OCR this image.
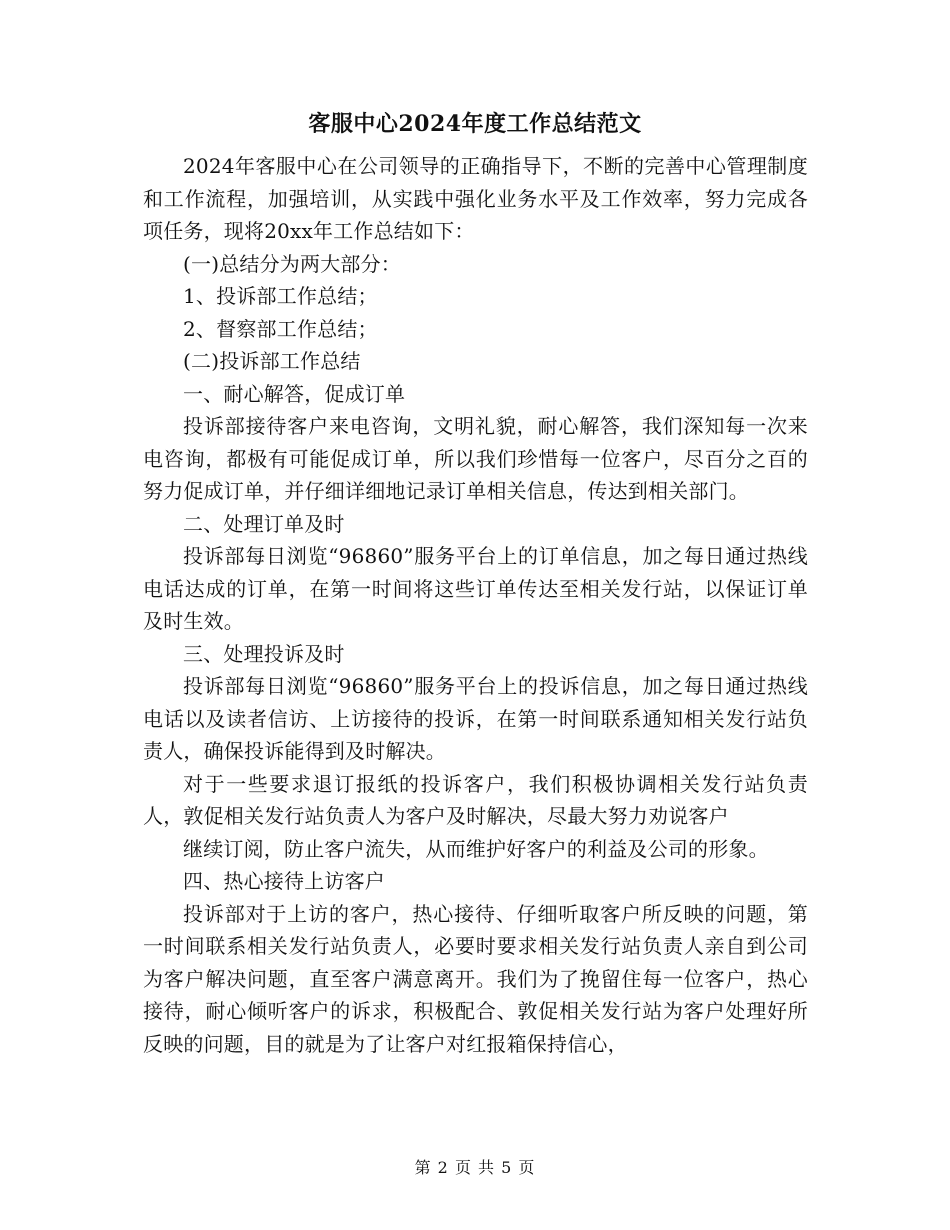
客服中心2024年度工作总结范文

2024年客服中心在公司领导的正确指导下，不断的完善中心管理制度和工作流程，加强培训，从实践中强化业务水平及工作效率，努力完成各项任务，现将20xx年工作总结如下：

(一)总结分为两大部分：

1、投诉部工作总结；

2、督察部工作总结；

(二)投诉部工作总结

一、耐心解答，促成订单

投诉部接待客户来电咨询，文明礼貌，耐心解答，我们深知每一次来电咨询，都极有可能促成订单，所以我们珍惜每一位客户，尽百分之百的努力促成订单，并仔细详细地记录订单相关信息，传达到相关部门。

二、处理订单及时

投诉部每日浏览“96860”服务平台上的订单信息，加之每日通过热线电话达成的订单，在第一时间将这些订单传达至相关发行站，以保证订单及时生效。

三、处理投诉及时

投诉部每日浏览“96860”服务平台上的投诉信息，加之每日通过热线电话以及读者信访、上访接待的投诉，在第一时间联系通知相关发行站负责人，确保投诉能得到及时解决。

对于一些要求退订报纸的投诉客户，我们积极协调相关发行站负责人，敦促相关发行站负责人为客户及时解决，尽最大努力劝说客户

继续订阅，防止客户流失，从而维护好客户的利益及公司的形象。

四、热心接待上访客户

投诉部对于上访的客户，热心接待、仔细听取客户所反映的问题，第一时间联系相关发行站负责人，必要时要求相关发行站负责人亲自到公司为客户解决问题，直至客户满意离开。我们为了挽留住每一位客户，热心接待，耐心倾听客户的诉求，积极配合、敦促相关发行站为客户处理好所反映的问题，目的就是为了让客户对红报箱保持信心，

第 2 页 共 5 页
